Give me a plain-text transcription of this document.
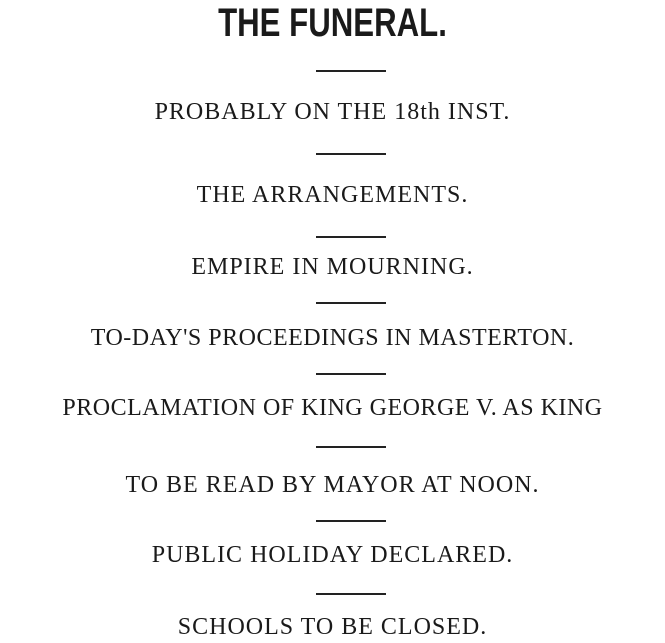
THE FUNERAL.
PROBABLY ON THE 18th INST.
THE ARRANGEMENTS.
EMPIRE IN MOURNING.
TO-DAY'S PROCEEDINGS IN MASTERTON.
PROCLAMATION OF KING GEORGE V. AS KING
TO BE READ BY MAYOR AT NOON.
PUBLIC HOLIDAY DECLARED.
SCHOOLS TO BE CLOSED.
